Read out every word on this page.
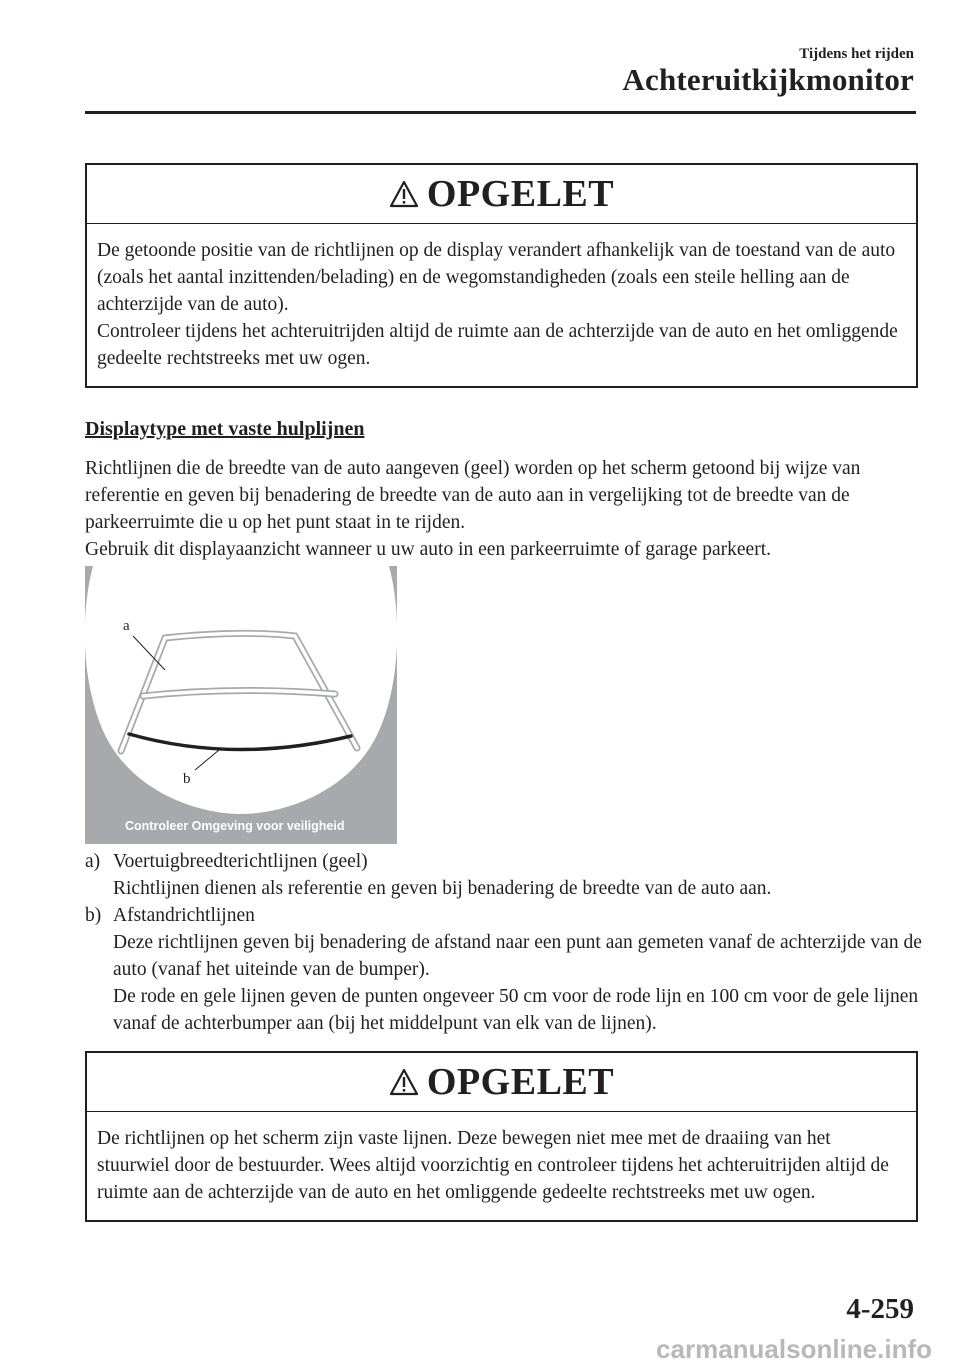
Tijdens het rijden
Achteruitkijkmonitor
OPGELET

De getoonde positie van de richtlijnen op de display verandert afhankelijk van de toestand van de auto (zoals het aantal inzittenden/belading) en de wegomstandigheden (zoals een steile helling aan de achterzijde van de auto).

Controleer tijdens het achteruitrijden altijd de ruimte aan de achterzijde van de auto en het omliggende gedeelte rechtstreeks met uw ogen.

Displaytype met vaste hulplijnen

Richtlijnen die de breedte van de auto aangeven (geel) worden op het scherm getoond bij wijze van referentie en geven bij benadering de breedte van de auto aan in vergelijking tot de breedte van de parkeerruimte die u op het punt staat in te rijden.

Gebruik dit displayaanzicht wanneer u uw auto in een parkeerruimte of garage parkeert.

a
b
Controleer Omgeving voor veiligheid
a) Voertuigbreedterichtlijnen (geel)

Richtlijnen dienen als referentie en geven bij benadering de breedte van de auto aan.

b) Afstandrichtlijnen

Deze richtlijnen geven bij benadering de afstand naar een punt aan gemeten vanaf de achterzijde van de auto (vanaf het uiteinde van de bumper).

De rode en gele lijnen geven de punten ongeveer 50 cm voor de rode lijn en 100 cm voor de gele lijnen vanaf de achterbumper aan (bij het middelpunt van elk van de lijnen).

OPGELET

De richtlijnen op het scherm zijn vaste lijnen. Deze bewegen niet mee met de draaiing van het stuurwiel door de bestuurder. Wees altijd voorzichtig en controleer tijdens het achteruitrijden altijd de ruimte aan de achterzijde van de auto en het omliggende gedeelte rechtstreeks met uw ogen.

4-259
carmanualsonline.info
